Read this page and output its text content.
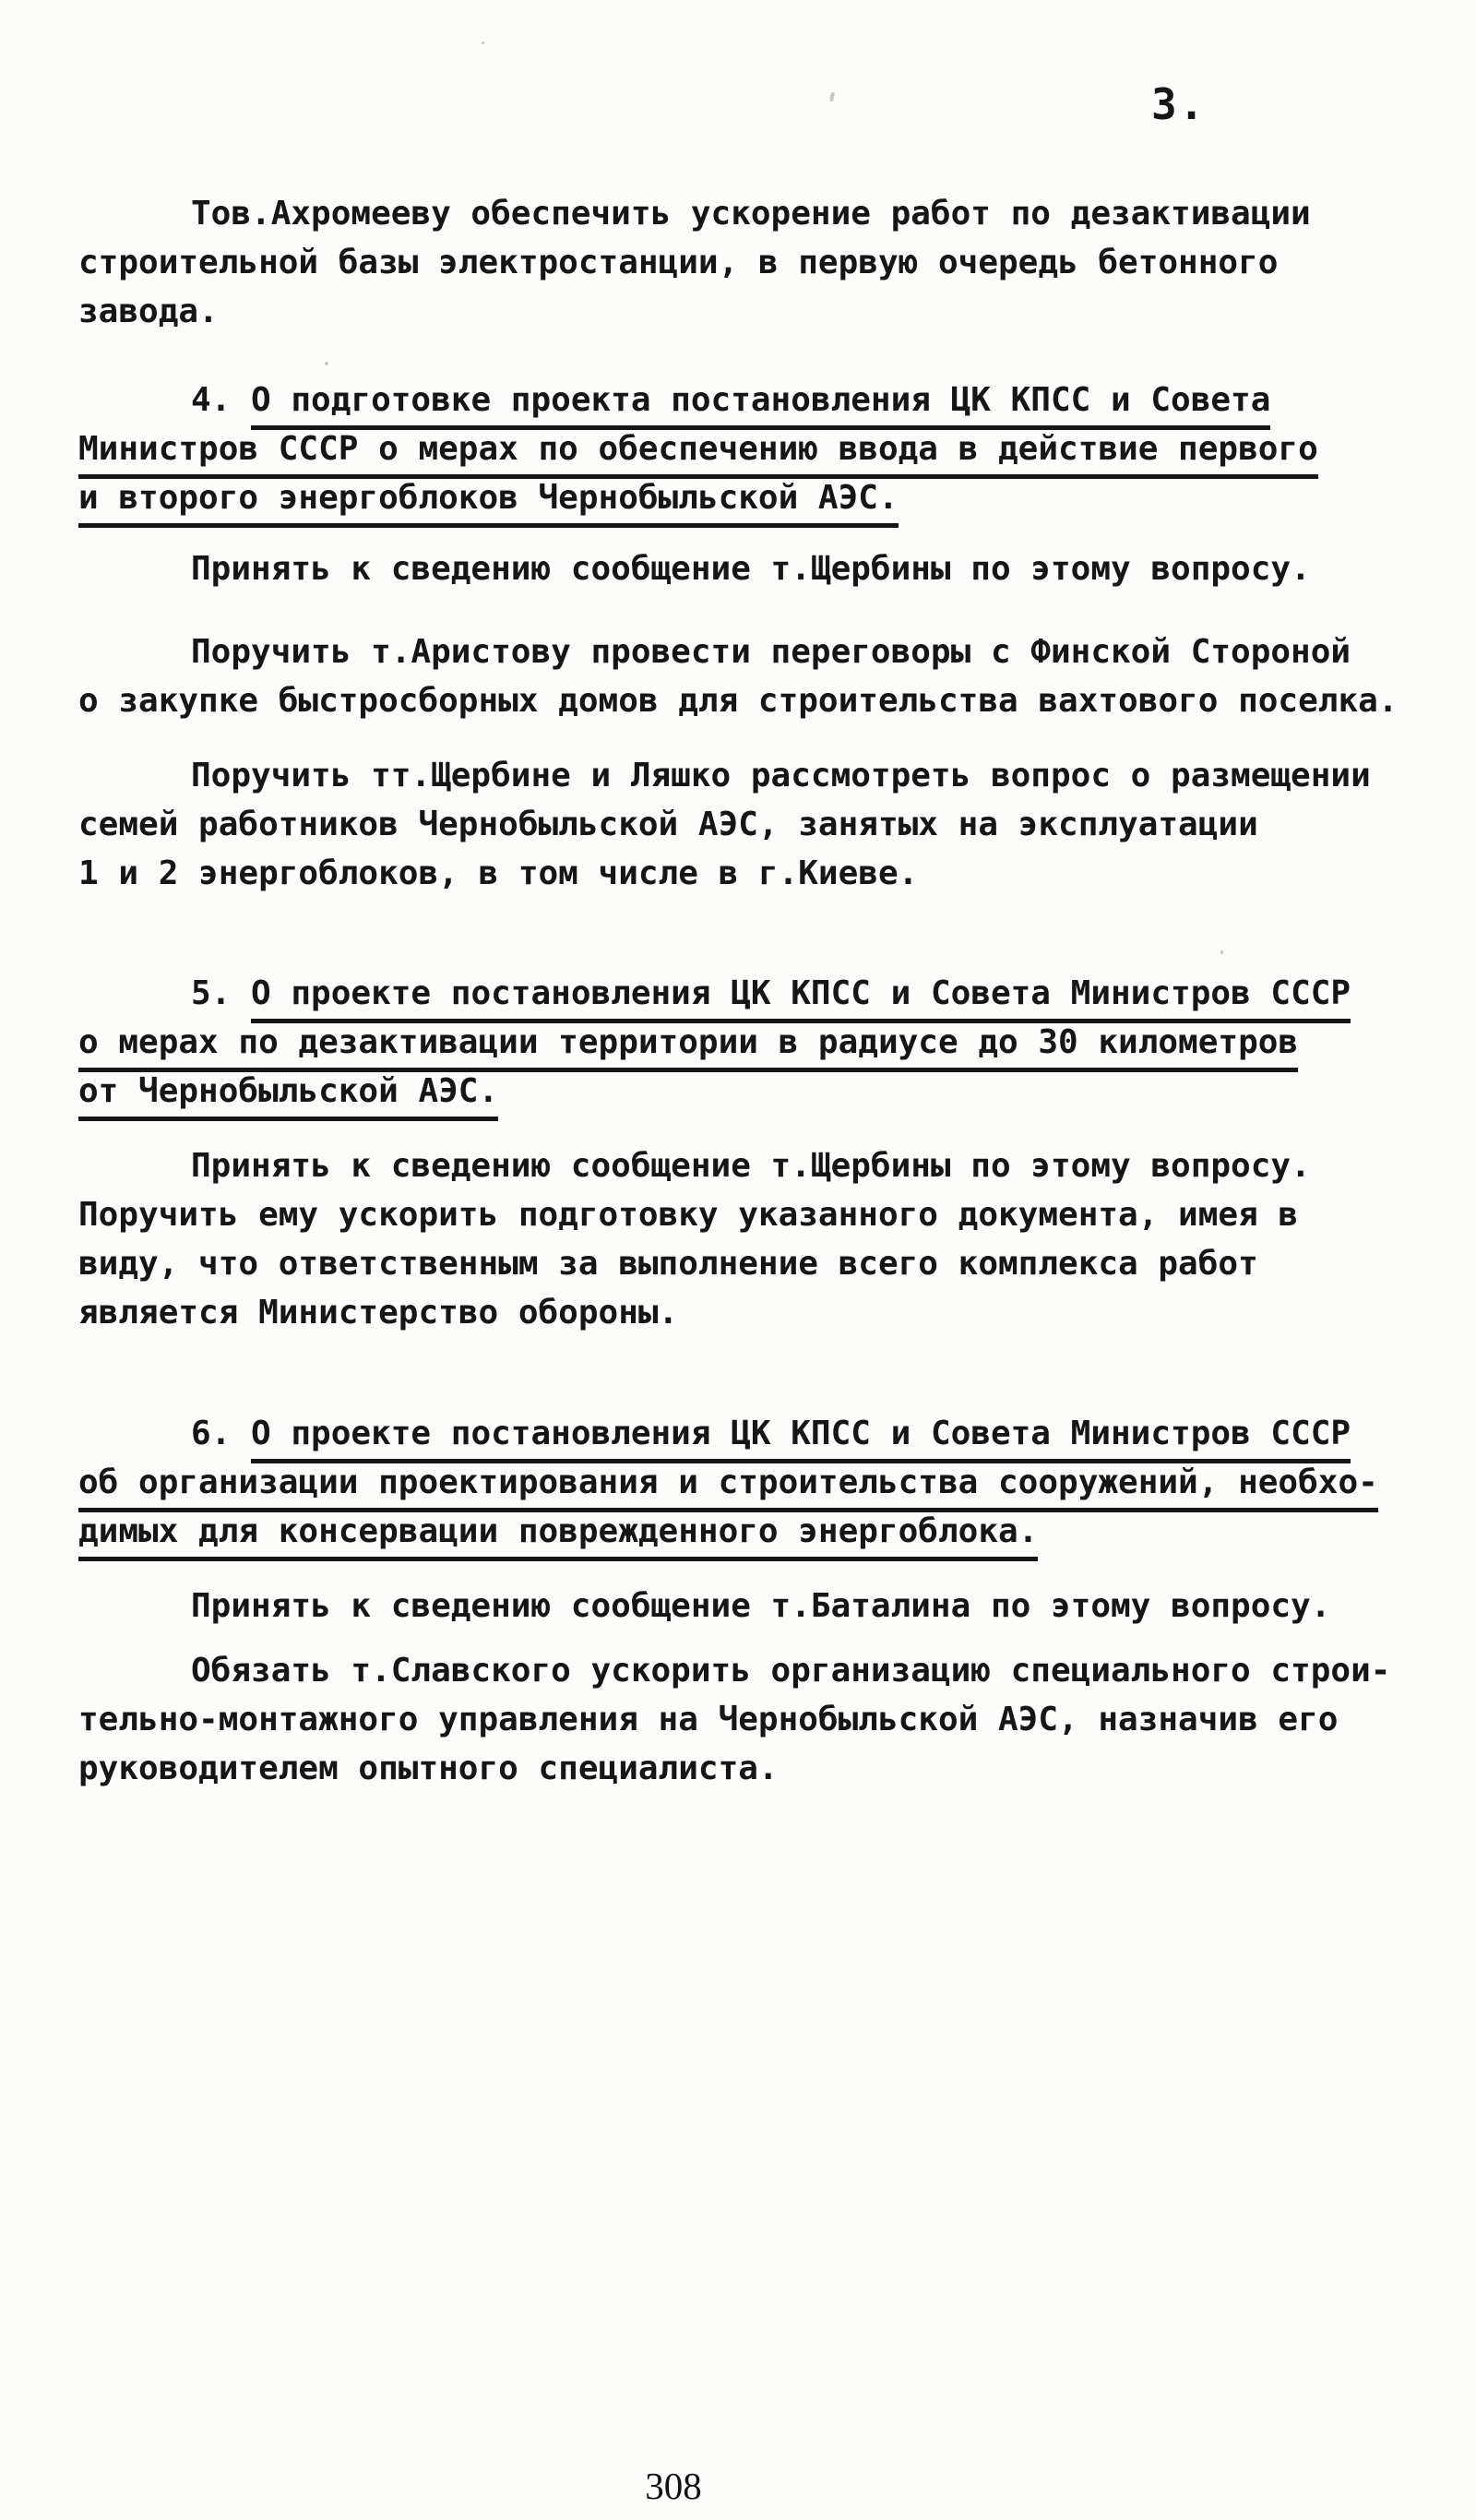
3.
Тов.Ахромееву обеспечить ускорение работ по дезактивации
строительной базы электростанции, в первую очередь бетонного
завода.
4. О подготовке проекта постановления ЦК КПСС и Совета
Министров СССР о мерах по обеспечению ввода в действие первого
и второго энергоблоков Чернобыльской АЭС.
Принять к сведению сообщение т.Щербины по этому вопросу.
Поручить т.Аристову провести переговоры с Финской Стороной
о закупке быстросборных домов для строительства вахтового поселка.
Поручить тт.Щербине и Ляшко рассмотреть вопрос о размещении
семей работников Чернобыльской АЭС, занятых на эксплуатации
1 и 2 энергоблоков, в том числе в г.Киеве.
5. О проекте постановления ЦК КПСС и Совета Министров СССР
о мерах по дезактивации территории в радиусе до 30 километров
от Чернобыльской АЭС.
Принять к сведению сообщение т.Щербины по этому вопросу.
Поручить ему ускорить подготовку указанного документа, имея в
виду, что ответственным за выполнение всего комплекса работ
является Министерство обороны.
6. О проекте постановления ЦК КПСС и Совета Министров СССР
об организации проектирования и строительства сооружений, необхо-
димых для консервации поврежденного энергоблока.
Принять к сведению сообщение т.Баталина по этому вопросу.
Обязать т.Славского ускорить организацию специального строи-
тельно-монтажного управления на Чернобыльской АЭС, назначив его
руководителем опытного специалиста.
308
